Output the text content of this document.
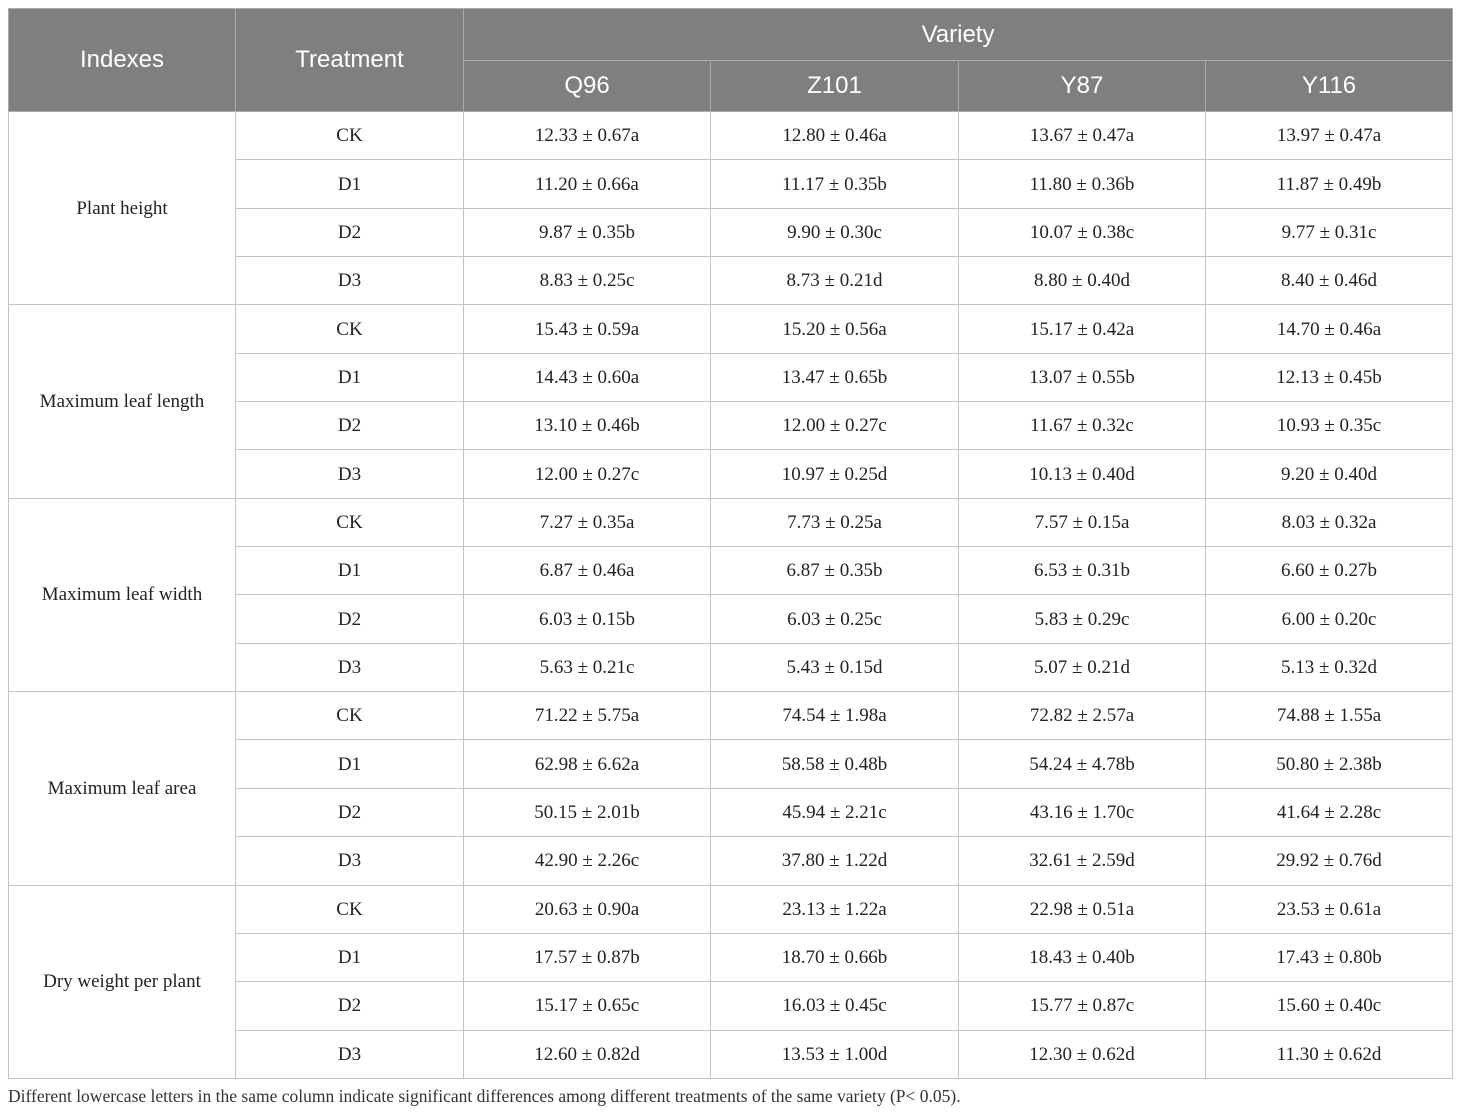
Indexes	Treatment	Variety			
		Q96	Z101	Y87	Y116
Plant height	CK	12.33 ± 0.67a	12.80 ± 0.46a	13.67 ± 0.47a	13.97 ± 0.47a
	D1	11.20 ± 0.66a	11.17 ± 0.35b	11.80 ± 0.36b	11.87 ± 0.49b
	D2	9.87 ± 0.35b	9.90 ± 0.30c	10.07 ± 0.38c	9.77 ± 0.31c
	D3	8.83 ± 0.25c	8.73 ± 0.21d	8.80 ± 0.40d	8.40 ± 0.46d
Maximum leaf length	CK	15.43 ± 0.59a	15.20 ± 0.56a	15.17 ± 0.42a	14.70 ± 0.46a
	D1	14.43 ± 0.60a	13.47 ± 0.65b	13.07 ± 0.55b	12.13 ± 0.45b
	D2	13.10 ± 0.46b	12.00 ± 0.27c	11.67 ± 0.32c	10.93 ± 0.35c
	D3	12.00 ± 0.27c	10.97 ± 0.25d	10.13 ± 0.40d	9.20 ± 0.40d
Maximum leaf width	CK	7.27 ± 0.35a	7.73 ± 0.25a	7.57 ± 0.15a	8.03 ± 0.32a
	D1	6.87 ± 0.46a	6.87 ± 0.35b	6.53 ± 0.31b	6.60 ± 0.27b
	D2	6.03 ± 0.15b	6.03 ± 0.25c	5.83 ± 0.29c	6.00 ± 0.20c
	D3	5.63 ± 0.21c	5.43 ± 0.15d	5.07 ± 0.21d	5.13 ± 0.32d
Maximum leaf area	CK	71.22 ± 5.75a	74.54 ± 1.98a	72.82 ± 2.57a	74.88 ± 1.55a
	D1	62.98 ± 6.62a	58.58 ± 0.48b	54.24 ± 4.78b	50.80 ± 2.38b
	D2	50.15 ± 2.01b	45.94 ± 2.21c	43.16 ± 1.70c	41.64 ± 2.28c
	D3	42.90 ± 2.26c	37.80 ± 1.22d	32.61 ± 2.59d	29.92 ± 0.76d
Dry weight per plant	CK	20.63 ± 0.90a	23.13 ± 1.22a	22.98 ± 0.51a	23.53 ± 0.61a
	D1	17.57 ± 0.87b	18.70 ± 0.66b	18.43 ± 0.40b	17.43 ± 0.80b
	D2	15.17 ± 0.65c	16.03 ± 0.45c	15.77 ± 0.87c	15.60 ± 0.40c
	D3	12.60 ± 0.82d	13.53 ± 1.00d	12.30 ± 0.62d	11.30 ± 0.62d

Different lowercase letters in the same column indicate significant differences among different treatments of the same variety (P< 0.05).
